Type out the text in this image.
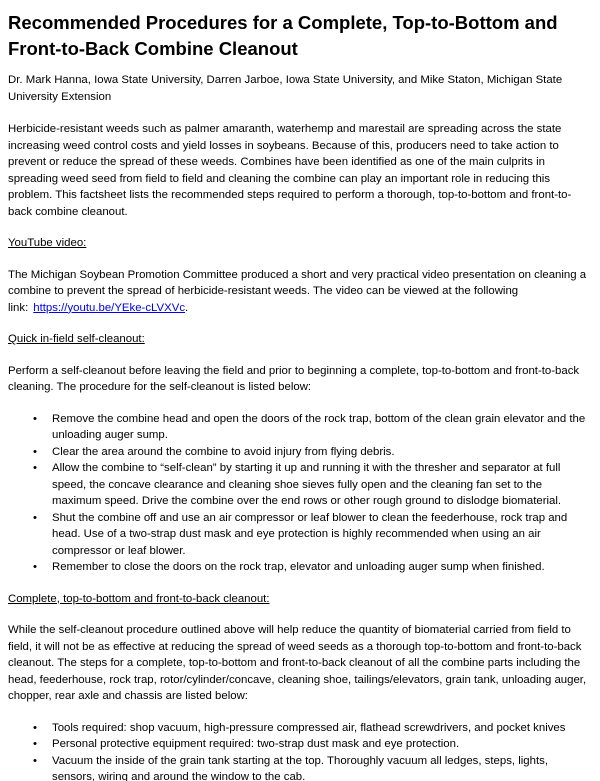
Recommended Procedures for a Complete, Top-to-Bottom and Front-to-Back Combine Cleanout

Dr. Mark Hanna, Iowa State University, Darren Jarboe, Iowa State University, and Mike Staton, Michigan State University Extension

Herbicide-resistant weeds such as palmer amaranth, waterhemp and marestail are spreading across the state increasing weed control costs and yield losses in soybeans. Because of this, producers need to take action to prevent or reduce the spread of these weeds. Combines have been identified as one of the main culprits in spreading weed seed from field to field and cleaning the combine can play an important role in reducing this problem. This factsheet lists the recommended steps required to perform a thorough, top-to-bottom and front-to-back combine cleanout.

YouTube video:

The Michigan Soybean Promotion Committee produced a short and very practical video presentation on cleaning a combine to prevent the spread of herbicide-resistant weeds. The video can be viewed at the following link: https://youtu.be/YEke-cLVXVc.

Quick in-field self-cleanout:

Perform a self-cleanout before leaving the field and prior to beginning a complete, top-to-bottom and front-to-back cleaning. The procedure for the self-cleanout is listed below:

• Remove the combine head and open the doors of the rock trap, bottom of the clean grain elevator and the unloading auger sump.
• Clear the area around the combine to avoid injury from flying debris.
• Allow the combine to “self-clean” by starting it up and running it with the thresher and separator at full speed, the concave clearance and cleaning shoe sieves fully open and the cleaning fan set to the maximum speed. Drive the combine over the end rows or other rough ground to dislodge biomaterial.
• Shut the combine off and use an air compressor or leaf blower to clean the feederhouse, rock trap and head. Use of a two-strap dust mask and eye protection is highly recommended when using an air compressor or leaf blower.
• Remember to close the doors on the rock trap, elevator and unloading auger sump when finished.
Complete, top-to-bottom and front-to-back cleanout:

While the self-cleanout procedure outlined above will help reduce the quantity of biomaterial carried from field to field, it will not be as effective at reducing the spread of weed seeds as a thorough top-to-bottom and front-to-back cleanout. The steps for a complete, top-to-bottom and front-to-back cleanout of all the combine parts including the head, feederhouse, rock trap, rotor/cylinder/concave, cleaning shoe, tailings/elevators, grain tank, unloading auger, chopper, rear axle and chassis are listed below:

• Tools required: shop vacuum, high-pressure compressed air, flathead screwdrivers, and pocket knives
• Personal protective equipment required: two-strap dust mask and eye protection.
• Vacuum the inside of the grain tank starting at the top. Thoroughly vacuum all ledges, steps, lights, sensors, wiring and around the window to the cab.
